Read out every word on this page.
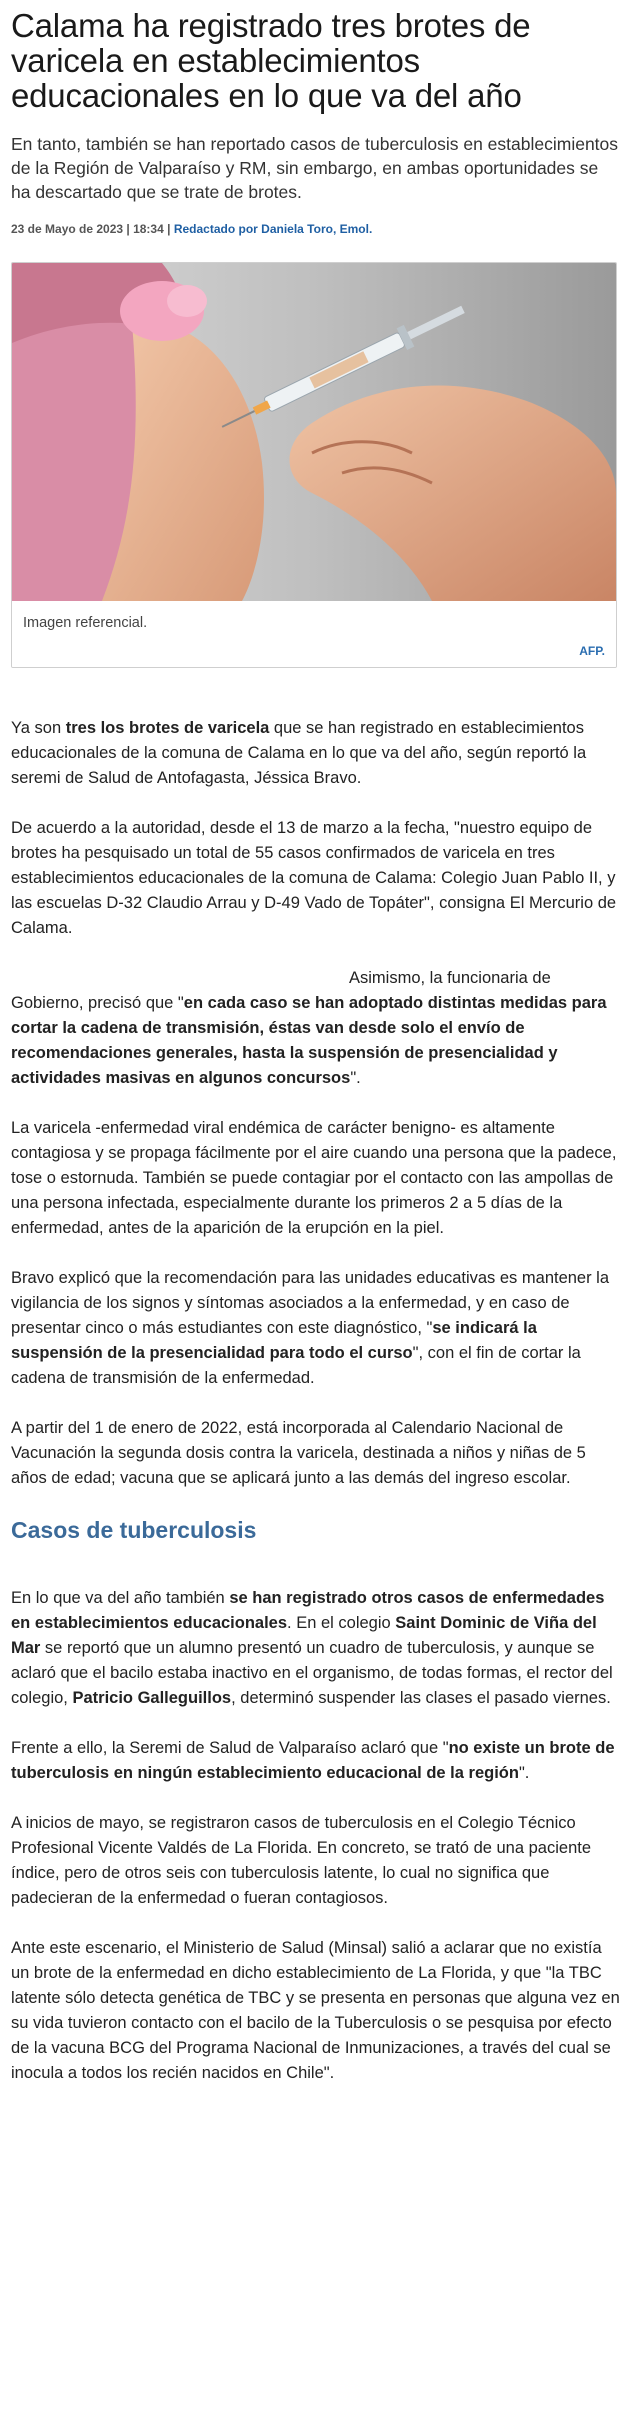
Calama ha registrado tres brotes de varicela en establecimientos educacionales en lo que va del año

En tanto, también se han reportado casos de tuberculosis en establecimientos de la Región de Valparaíso y RM, sin embargo, en ambas oportunidades se ha descartado que se trate de brotes.

23 de Mayo de 2023 | 18:34 | Redactado por Daniela Toro, Emol.
Imagen referencial.
AFP.

Ya son tres los brotes de varicela que se han registrado en establecimientos educacionales de la comuna de Calama en lo que va del año, según reportó la seremi de Salud de Antofagasta, Jéssica Bravo.

De acuerdo a la autoridad, desde el 13 de marzo a la fecha, "nuestro equipo de brotes ha pesquisado un total de 55 casos confirmados de varicela en tres establecimientos educacionales de la comuna de Calama: Colegio Juan Pablo II, y las escuelas D-32 Claudio Arrau y D-49 Vado de Topáter", consigna El Mercurio de Calama.

Asimismo, la funcionaria de Gobierno, precisó que "en cada caso se han adoptado distintas medidas para cortar la cadena de transmisión, éstas van desde solo el envío de recomendaciones generales, hasta la suspensión de presencialidad y actividades masivas en algunos concursos".

La varicela -enfermedad viral endémica de carácter benigno- es altamente contagiosa y se propaga fácilmente por el aire cuando una persona que la padece, tose o estornuda. También se puede contagiar por el contacto con las ampollas de una persona infectada, especialmente durante los primeros 2 a 5 días de la enfermedad, antes de la aparición de la erupción en la piel.

Bravo explicó que la recomendación para las unidades educativas es mantener la vigilancia de los signos y síntomas asociados a la enfermedad, y en caso de presentar cinco o más estudiantes con este diagnóstico, "se indicará la suspensión de la presencialidad para todo el curso", con el fin de cortar la cadena de transmisión de la enfermedad.

A partir del 1 de enero de 2022, está incorporada al Calendario Nacional de Vacunación la segunda dosis contra la varicela, destinada a niños y niñas de 5 años de edad; vacuna que se aplicará junto a las demás del ingreso escolar.

Casos de tuberculosis

En lo que va del año también se han registrado otros casos de enfermedades en establecimientos educacionales. En el colegio Saint Dominic de Viña del Mar se reportó que un alumno presentó un cuadro de tuberculosis, y aunque se aclaró que el bacilo estaba inactivo en el organismo, de todas formas, el rector del colegio, Patricio Galleguillos, determinó suspender las clases el pasado viernes.

Frente a ello, la Seremi de Salud de Valparaíso aclaró que "no existe un brote de tuberculosis en ningún establecimiento educacional de la región".

A inicios de mayo, se registraron casos de tuberculosis en el Colegio Técnico Profesional Vicente Valdés de La Florida. En concreto, se trató de una paciente índice, pero de otros seis con tuberculosis latente, lo cual no significa que padecieran de la enfermedad o fueran contagiosos.

Ante este escenario, el Ministerio de Salud (Minsal) salió a aclarar que no existía un brote de la enfermedad en dicho establecimiento de La Florida, y que "la TBC latente sólo detecta genética de TBC y se presenta en personas que alguna vez en su vida tuvieron contacto con el bacilo de la Tuberculosis o se pesquisa por efecto de la vacuna BCG del Programa Nacional de Inmunizaciones, a través del cual se inocula a todos los recién nacidos en Chile".
